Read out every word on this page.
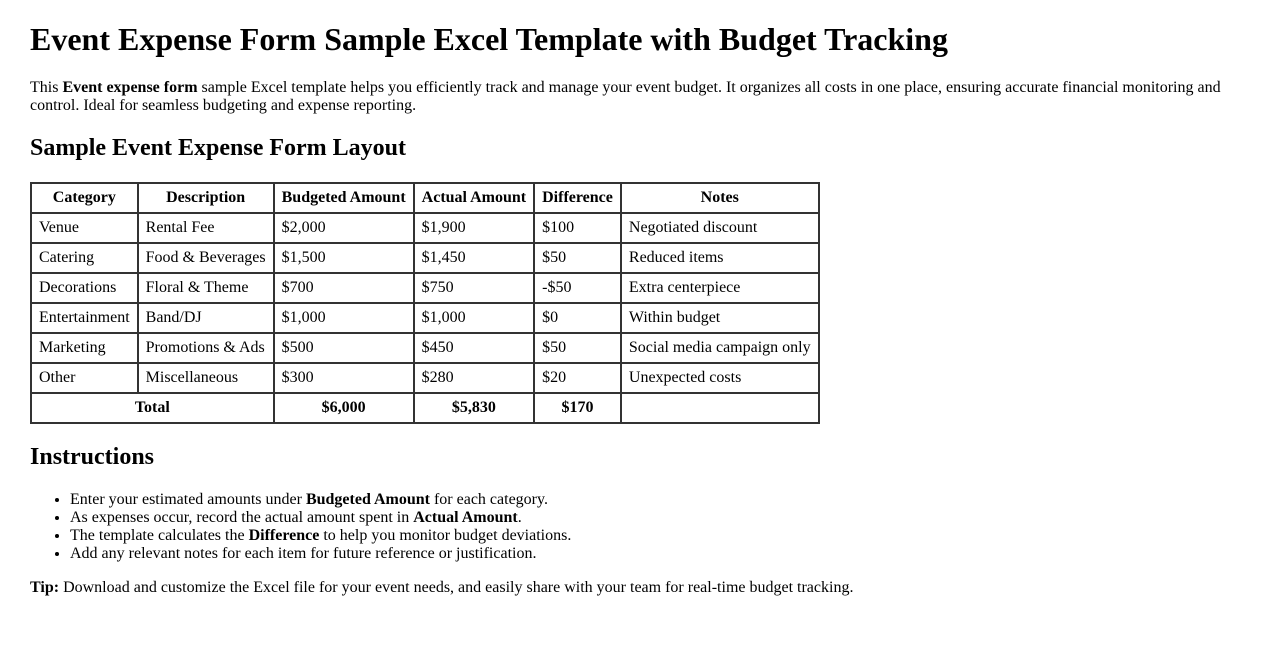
Event Expense Form Sample Excel Template with Budget Tracking

This Event expense form sample Excel template helps you efficiently track and manage your event budget. It organizes all costs in one place, ensuring accurate financial monitoring and control. Ideal for seamless budgeting and expense reporting.

Sample Event Expense Form Layout
Category	Description	Budgeted Amount	Actual Amount	Difference	Notes
Venue	Rental Fee	$2,000	$1,900	$100	Negotiated discount
Catering	Food & Beverages	$1,500	$1,450	$50	Reduced items
Decorations	Floral & Theme	$700	$750	-$50	Extra centerpiece
Entertainment	Band/DJ	$1,000	$1,000	$0	Within budget
Marketing	Promotions & Ads	$500	$450	$50	Social media campaign only
Other	Miscellaneous	$300	$280	$20	Unexpected costs
Total		$6,000	$5,830	$170	
Instructions
• Enter your estimated amounts under Budgeted Amount for each category.
• As expenses occur, record the actual amount spent in Actual Amount.
• The template calculates the Difference to help you monitor budget deviations.
• Add any relevant notes for each item for future reference or justification.

Tip: Download and customize the Excel file for your event needs, and easily share with your team for real-time budget tracking.
